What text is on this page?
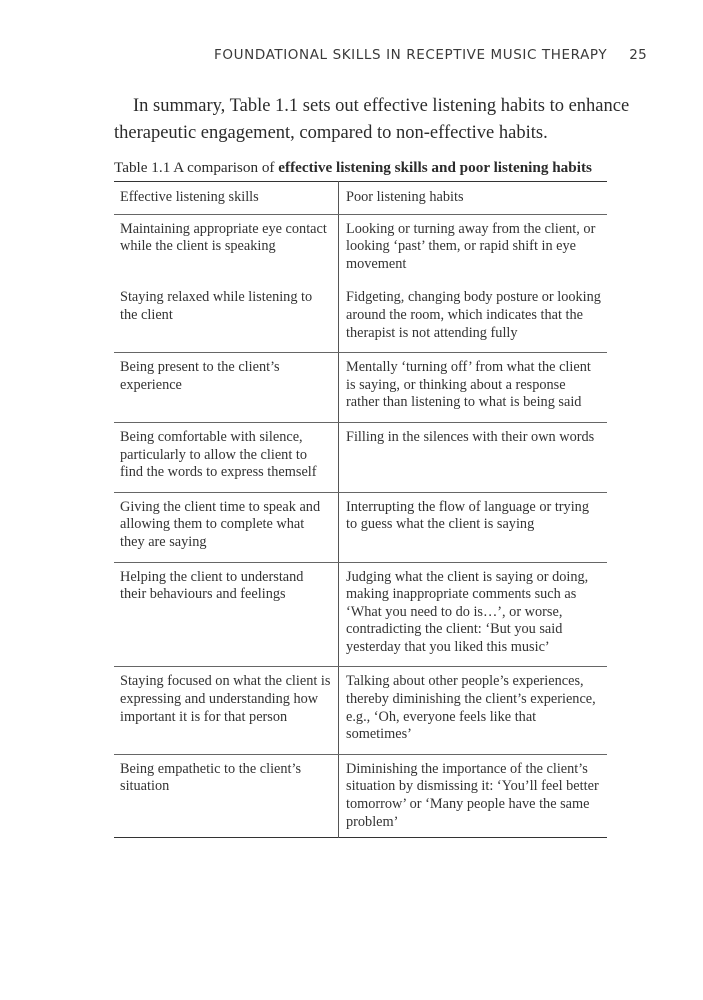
FOUNDATIONAL SKILLS IN RECEPTIVE MUSIC THERAPY 25

In summary, Table 1.1 sets out effective listening habits to enhance therapeutic engagement, compared to non-effective habits.

Table 1.1 A comparison of effective listening skills and poor listening habits

Effective listening skills	Poor listening habits
Maintaining appropriate eye contact while the client is speaking	Looking or turning away from the client, or looking ‘past’ them, or rapid shift in eye movement
Staying relaxed while listening to the client	Fidgeting, changing body posture or looking around the room, which indicates that the therapist is not attending fully
Being present to the client’s experience	Mentally ‘turning off’ from what the client is saying, or thinking about a response rather than listening to what is being said
Being comfortable with silence, particularly to allow the client to find the words to express themself	Filling in the silences with their own words
Giving the client time to speak and allowing them to complete what they are saying	Interrupting the flow of language or trying to guess what the client is saying
Helping the client to understand their behaviours and feelings	Judging what the client is saying or doing, making inappropriate comments such as ‘What you need to do is…’, or worse, contradicting the client: ‘But you said yesterday that you liked this music’
Staying focused on what the client is expressing and understanding how important it is for that person	Talking about other people’s experiences, thereby diminishing the client’s experience, e.g., ‘Oh, everyone feels like that sometimes’
Being empathetic to the client’s situation	Diminishing the importance of the client’s situation by dismissing it: ‘You’ll feel better tomorrow’ or ‘Many people have the same problem’
